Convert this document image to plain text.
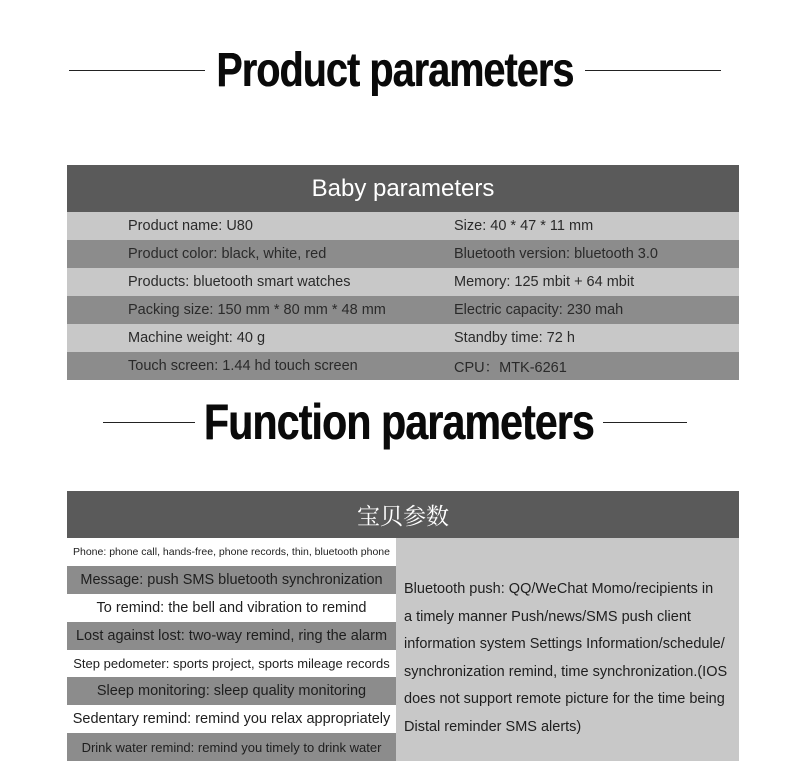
Product parameters
Baby parameters
Product name: U80	Size: 40 * 47 * 11 mm
Product color: black, white, red	Bluetooth version: bluetooth 3.0
Products: bluetooth smart watches	Memory: 125 mbit + 64 mbit
Packing size: 150 mm * 80 mm * 48 mm	Electric capacity: 230 mah
Machine weight: 40 g	Standby time: 72 h
Touch screen: 1.44 hd touch screen	CPU：MTK-6261
Function parameters
宝贝参数
Phone: phone call, hands-free, phone records, thin, bluetooth phone
Message: push SMS bluetooth synchronization
To remind: the bell and vibration to remind
Lost against lost: two-way remind, ring the alarm
Step pedometer: sports project, sports mileage records
Sleep monitoring: sleep quality monitoring
Sedentary remind: remind you relax appropriately
Drink water remind: remind you timely to drink water
Bluetooth push: QQ/WeChat Momo/recipients in
a timely manner Push/news/SMS push client
information system Settings Information/schedule/
synchronization remind, time synchronization.(IOS
does not support remote picture for the time being
Distal reminder SMS alerts)
